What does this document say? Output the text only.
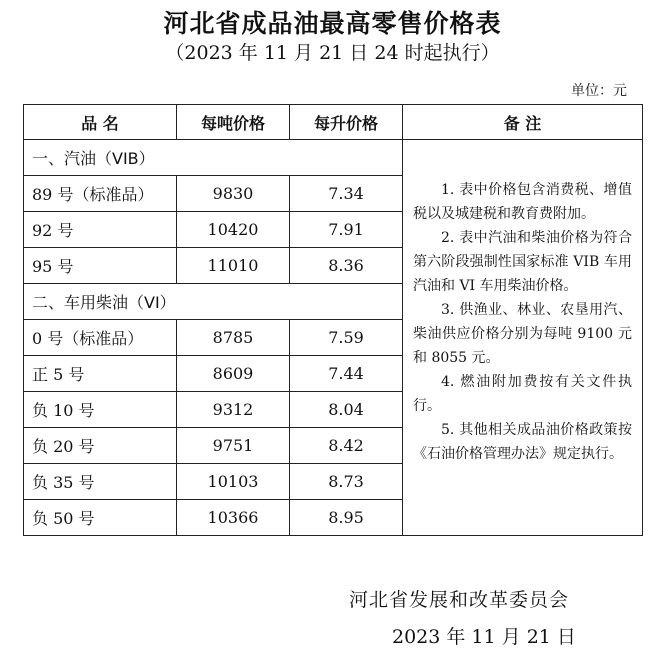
河北省成品油最高零售价格表
（2023 年 11 月 21 日 24 时起执行）
单位：元
品 名	每吨价格	每升价格	备 注
一、汽油（VIB）			1. 表中价格包含消费税、增值税以及城建税和教育费附加。

2. 表中汽油和柴油价格为符合第六阶段强制性国家标准 VIB 车用汽油和 VI 车用柴油价格。

3. 供渔业、林业、农垦用汽、柴油供应价格分别为每吨 9100 元和 8055 元。

4. 燃油附加费按有关文件执行。

5. 其他相关成品油价格政策按《石油价格管理办法》规定执行。

89 号（标准品）	9830	7.34	
92 号	10420	7.91	
95 号	11010	8.36	
二、车用柴油（VI）			
0 号（标准品）	8785	7.59	
正 5 号	8609	7.44	
负 10 号	9312	8.04	
负 20 号	9751	8.42	
负 35 号	10103	8.73	
负 50 号	10366	8.95	
河北省发展和改革委员会
2023 年 11 月 21 日
